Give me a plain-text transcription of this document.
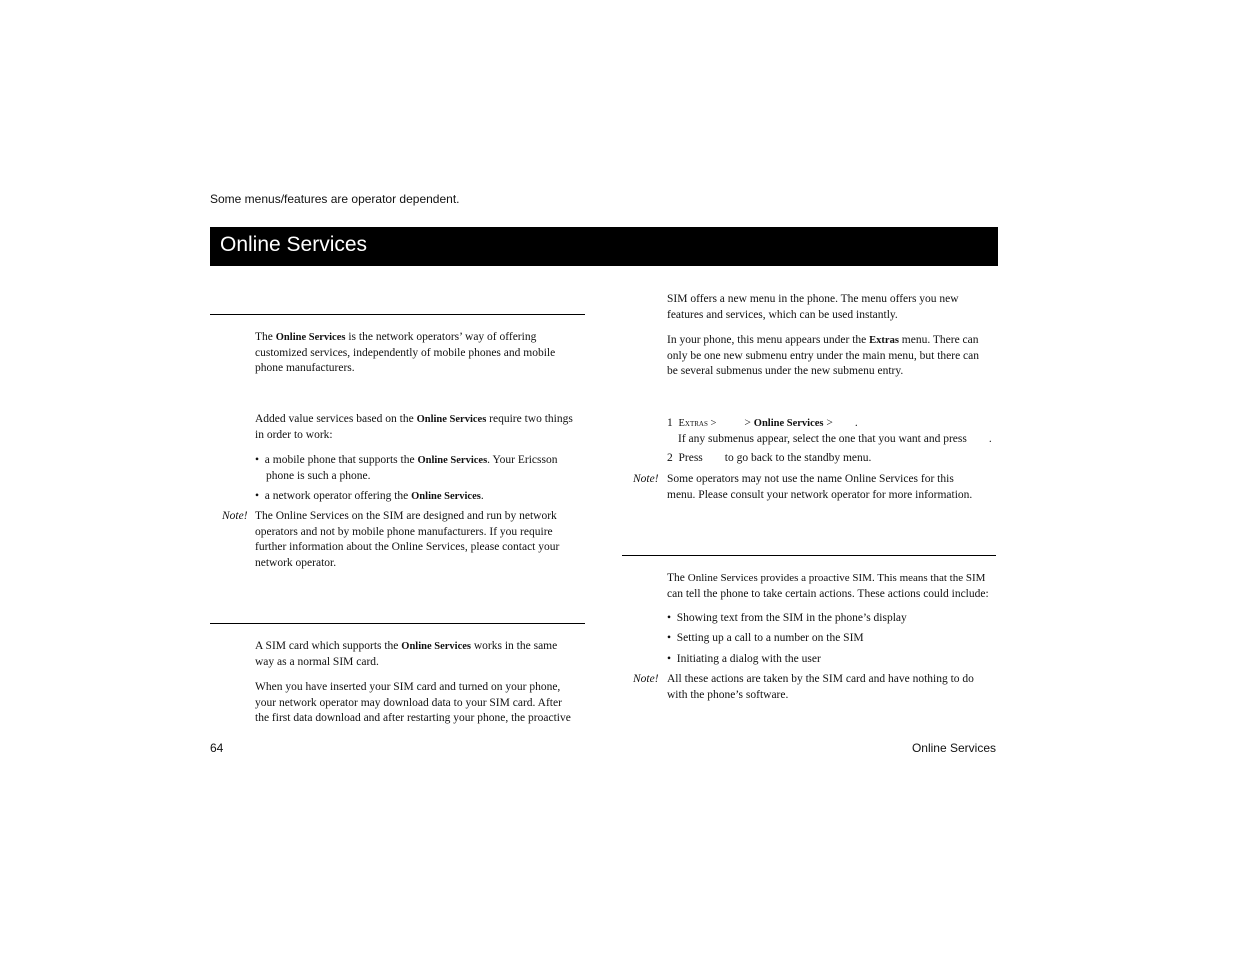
Some menus/features are operator dependent.
Online Services

The Online Services is the network operators’ way of offering

customized services, independently of mobile phones and mobile

phone manufacturers.

Added value services based on the Online Services require two things

in order to work:

•  a mobile phone that supports the Online Services. Your Ericsson

phone is such a phone.

•  a network operator offering the Online Services.

Note! The Online Services on the SIM are designed and run by network

operators and not by mobile phone manufacturers. If you require

further information about the Online Services, please contact your

network operator.

A SIM card which supports the Online Services works in the same

way as a normal SIM card.

When you have inserted your SIM card and turned on your phone,

your network operator may download data to your SIM card. After

the first data download and after restarting your phone, the proactive

SIM offers a new menu in the phone. The menu offers you new

features and services, which can be used instantly.

In your phone, this menu appears under the Extras menu. There can

only be one new submenu entry under the main menu, but there can

be several submenus under the new submenu entry.

1 Extras > > Online Services > .

If any submenus appear, select the one that you want and press .

2 Press to go back to the standby menu.

Note! Some operators may not use the name Online Services for this

menu. Please consult your network operator for more information.

The Online Services provides a proactive SIM. This means that the SIM

can tell the phone to take certain actions. These actions could include:

•  Showing text from the SIM in the phone’s display

•  Setting up a call to a number on the SIM

•  Initiating a dialog with the user

Note! All these actions are taken by the SIM card and have nothing to do

with the phone’s software.

64	Online Services
